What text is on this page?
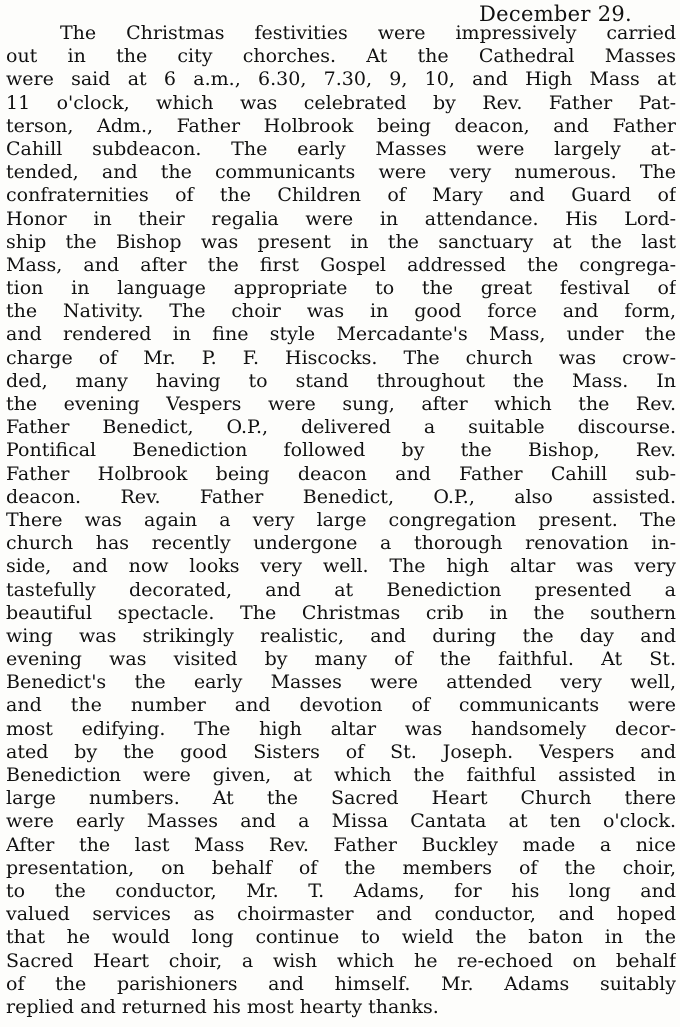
December 29.
The Christmas festivities were impressively carried
out in the city chorches. At the Cathedral Masses
were said at 6 a.m., 6.30, 7.30, 9, 10, and High Mass at
11 o'clock, which was celebrated by Rev. Father Pat-
terson, Adm., Father Holbrook being deacon, and Father
Cahill subdeacon. The early Masses were largely at-
tended, and the communicants were very numerous. The
confraternities of the Children of Mary and Guard of
Honor in their regalia were in attendance. His Lord-
ship the Bishop was present in the sanctuary at the last
Mass, and after the first Gospel addressed the congrega-
tion in language appropriate to the great festival of
the Nativity. The choir was in good force and form,
and rendered in fine style Mercadante's Mass, under the
charge of Mr. P. F. Hiscocks. The church was crow-
ded, many having to stand throughout the Mass. In
the evening Vespers were sung, after which the Rev.
Father Benedict, O.P., delivered a suitable discourse.
Pontifical Benediction followed by the Bishop, Rev.
Father Holbrook being deacon and Father Cahill sub-
deacon. Rev. Father Benedict, O.P., also assisted.
There was again a very large congregation present. The
church has recently undergone a thorough renovation in-
side, and now looks very well. The high altar was very
tastefully decorated, and at Benediction presented a
beautiful spectacle. The Christmas crib in the southern
wing was strikingly realistic, and during the day and
evening was visited by many of the faithful. At St.
Benedict's the early Masses were attended very well,
and the number and devotion of communicants were
most edifying. The high altar was handsomely decor-
ated by the good Sisters of St. Joseph. Vespers and
Benediction were given, at which the faithful assisted in
large numbers. At the Sacred Heart Church there
were early Masses and a Missa Cantata at ten o'clock.
After the last Mass Rev. Father Buckley made a nice
presentation, on behalf of the members of the choir,
to the conductor, Mr. T. Adams, for his long and
valued services as choirmaster and conductor, and hoped
that he would long continue to wield the baton in the
Sacred Heart choir, a wish which he re-echoed on behalf
of the parishioners and himself. Mr. Adams suitably
replied and returned his most hearty thanks.
